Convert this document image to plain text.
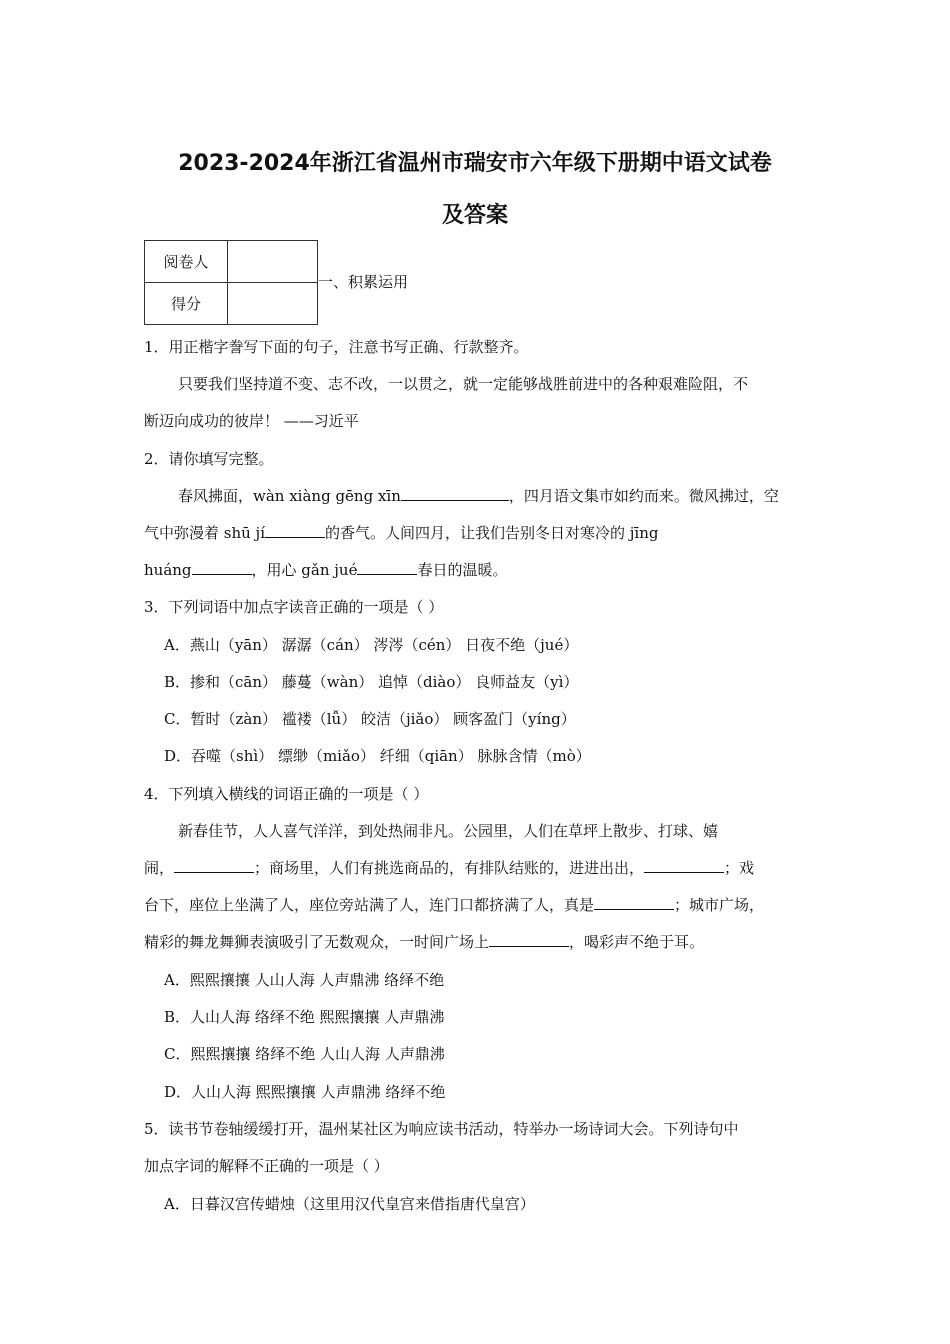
2023-2024年浙江省温州市瑞安市六年级下册期中语文试卷
及答案
阅卷人	
得分	
一、积累运用
1．用正楷字誊写下面的句子，注意书写正确、行款整齐。
只要我们坚持道不变、志不改，一以贯之，就一定能够战胜前进中的各种艰难险阻，不
断迈向成功的彼岸！ ——习近平
2．请你填写完整。
春风拂面，wàn xiàng gēng xīn	，四月语文集市如约而来。微风拂过，空
气中弥漫着 shū jí	的香气。人间四月，让我们告别冬日对寒冷的 jīng
huáng	，用心 gǎn jué	春日的温暖。
3．下列词语中加点字读音正确的一项是（ ）
A．燕山（yān） 潺潺（cán） 涔涔（cén） 日夜不绝（jué）
B．掺和（cān） 藤蔓（wàn） 追悼（diào） 良师益友（yì）
C．暂时（zàn） 褴褛（lǚ） 皎洁（jiǎo） 顾客盈门（yíng）
D．吞噬（shì） 缥缈（miǎo） 纤细（qiān） 脉脉含情（mò）
4．下列填入横线的词语正确的一项是（ ）
新春佳节，人人喜气洋洋，到处热闹非凡。公园里，人们在草坪上散步、打球、嬉
闹，	；商场里，人们有挑选商品的，有排队结账的，进进出出，	；戏
台下，座位上坐满了人，座位旁站满了人，连门口都挤满了人，真是	；城市广场，
精彩的舞龙舞狮表演吸引了无数观众，一时间广场上	，喝彩声不绝于耳。
A．熙熙攘攘 人山人海 人声鼎沸 络绎不绝
B．人山人海 络绎不绝 熙熙攘攘 人声鼎沸
C．熙熙攘攘 络绎不绝 人山人海 人声鼎沸
D．人山人海 熙熙攘攘 人声鼎沸 络绎不绝
5．读书节卷轴缓缓打开，温州某社区为响应读书活动，特举办一场诗词大会。下列诗句中
加点字词的解释不正确的一项是（ ）
A．日暮汉宫传蜡烛（这里用汉代皇宫来借指唐代皇宫）
